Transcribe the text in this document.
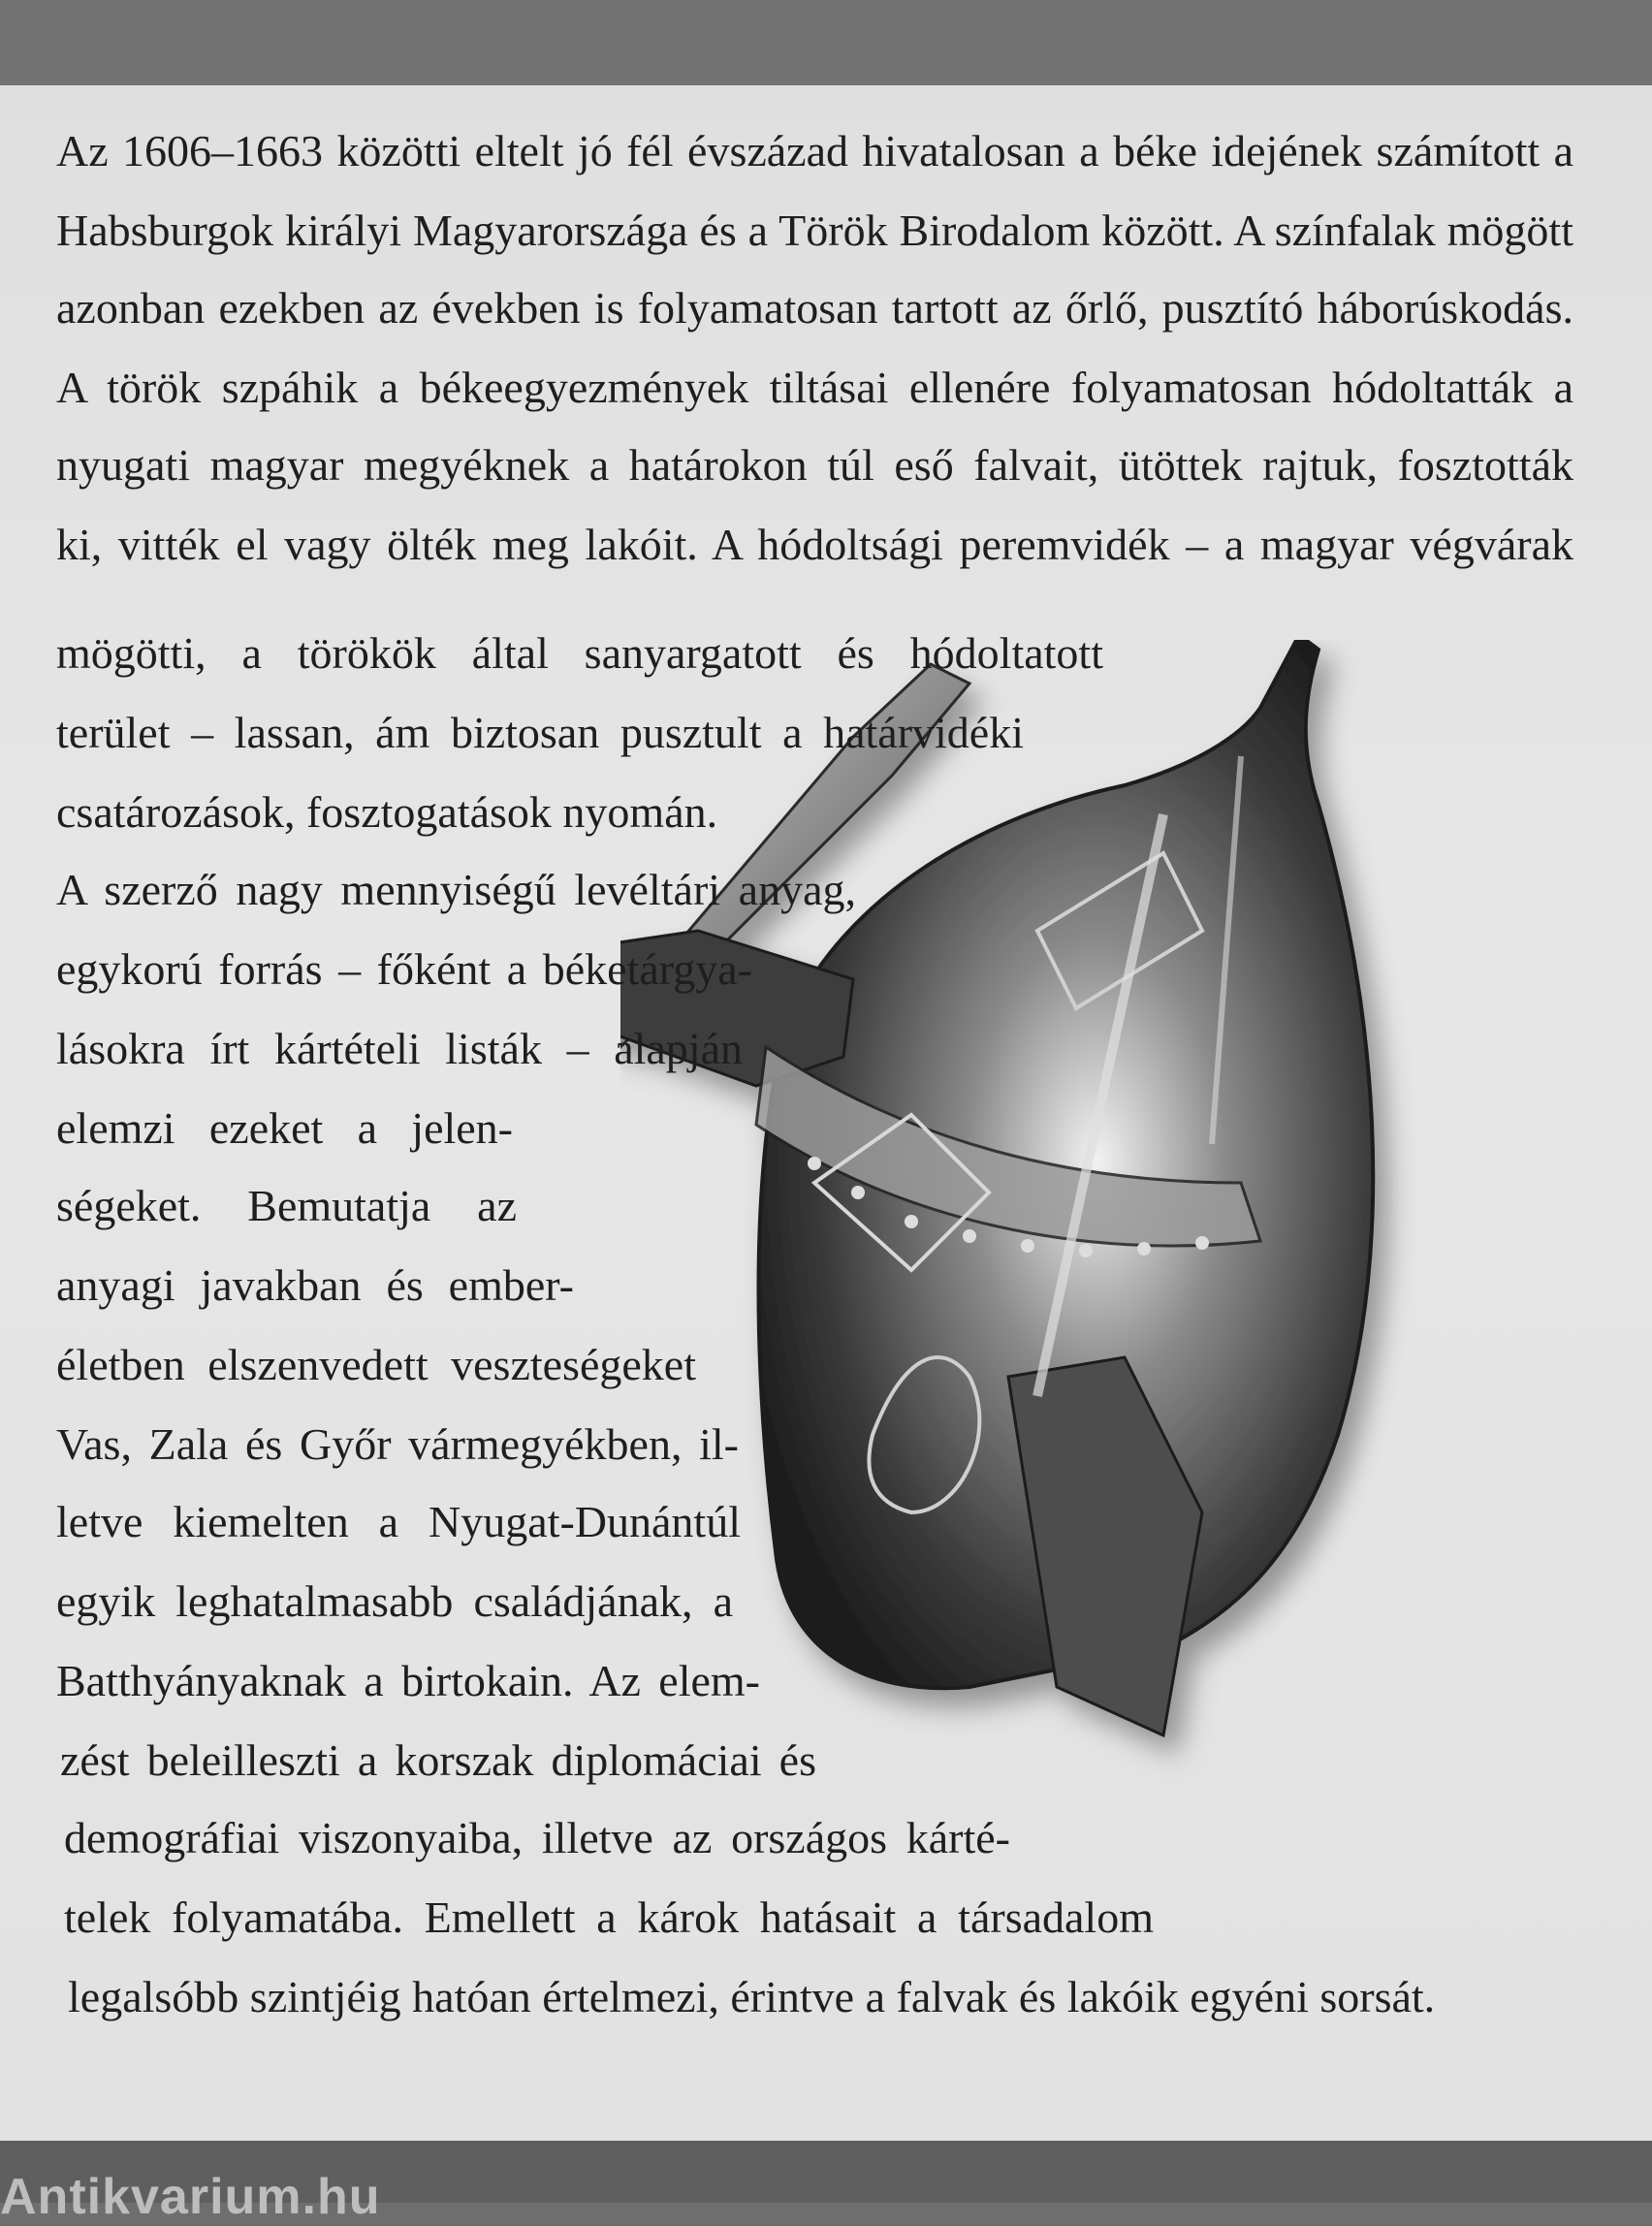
Az 1606–1663 közötti eltelt jó fél évszázad hivatalosan a béke idejének számított a
Habsburgok királyi Magyarországa és a Török Birodalom között. A színfalak mögött
azonban ezekben az években is folyamatosan tartott az őrlő, pusztító háborúskodás.
A török szpáhik a békeegyezmények tiltásai ellenére folyamatosan hódoltatták a
nyugati magyar megyéknek a határokon túl eső falvait, ütöttek rajtuk, fosztották
ki, vitték el vagy ölték meg lakóit. A hódoltsági peremvidék – a magyar végvárak
mögötti, a törökök által sanyargatott és hódoltatott
terület – lassan, ám biztosan pusztult a határvidéki
csatározások, fosztogatások nyomán.
A szerző nagy mennyiségű levéltári anyag,
egykorú forrás – főként a béketárgya-
lásokra írt kártételi listák – alapján
elemzi ezeket a jelen-
ségeket. Bemutatja az
anyagi javakban és ember-
életben elszenvedett veszteségeket
Vas, Zala és Győr vármegyékben, il-
letve kiemelten a Nyugat-Dunántúl
egyik leghatalmasabb családjának, a
Batthyányaknak a birtokain. Az elem-
zést beleilleszti a korszak diplomáciai és
demográfiai viszonyaiba, illetve az országos kárté-
telek folyamatába. Emellett a károk hatásait a társadalom
legalsóbb szintjéig hatóan értelmezi, érintve a falvak és lakóik egyéni sorsát.
Antikvarium.hu
